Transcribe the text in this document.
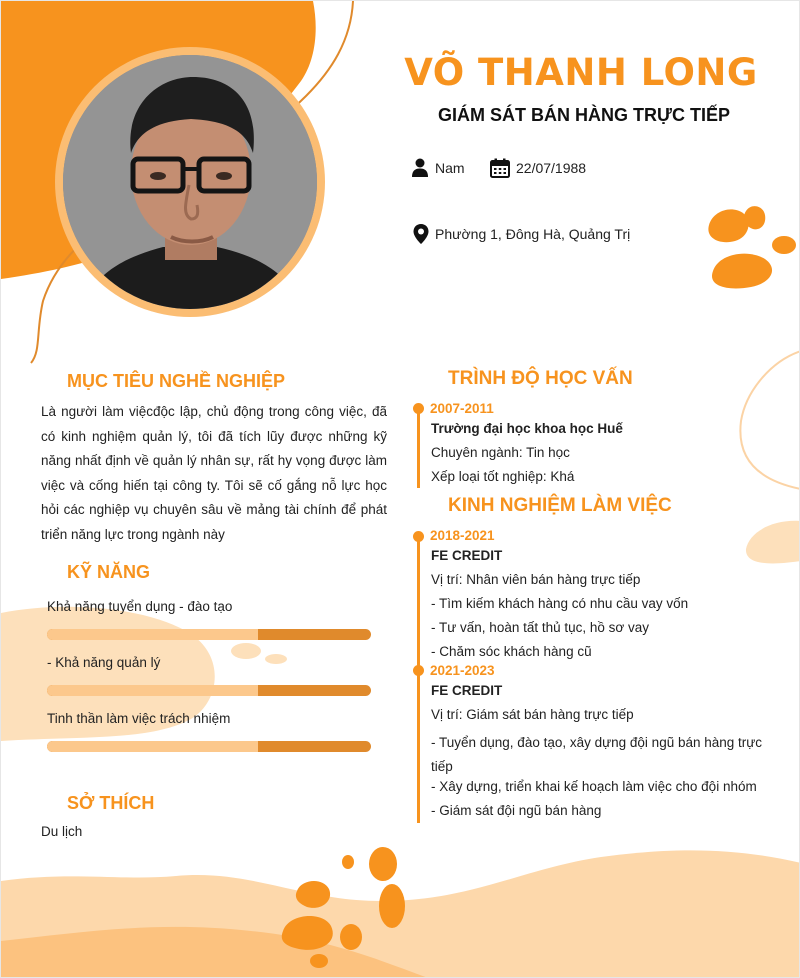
VÕ THANH LONG
GIÁM SÁT BÁN HÀNG TRỰC TIẾP
Nam	22/07/1988
Phường 1, Đông Hà, Quảng Trị
MỤC TIÊU NGHỀ NGHIỆP
Là người làm việcđộc lập, chủ động trong công việc, đã có kinh nghiệm quản lý, tôi đã tích lũy được những kỹ năng nhất định về quản lý nhân sự, rất hy vọng được làm việc và cống hiến tại công ty. Tôi sẽ cố gắng nỗ lực học hỏi các nghiệp vụ chuyên sâu về mảng tài chính để phát triển năng lực trong ngành này
KỸ NĂNG
Khả năng tuyển dụng - đào tạo
- Khả năng quản lý
Tinh thần làm việc trách nhiệm
SỞ THÍCH
Du lịch
TRÌNH ĐỘ HỌC VẤN
2007-2011
Trường đại học khoa học Huế
Chuyên ngành: Tin học
Xếp loại tốt nghiệp: Khá
KINH NGHIỆM LÀM VIỆC
2018-2021
FE CREDIT
Vị trí: Nhân viên bán hàng trực tiếp
- Tìm kiếm khách hàng có nhu cầu vay vốn
- Tư vấn, hoàn tất thủ tục, hồ sơ vay
- Chăm sóc khách hàng cũ
2021-2023
FE CREDIT
Vị trí: Giám sát bán hàng trực tiếp
- Tuyển dụng, đào tạo, xây dựng đội ngũ bán hàng trực tiếp
- Xây dựng, triển khai kế hoạch làm việc cho đội nhóm
- Giám sát đội ngũ bán hàng
